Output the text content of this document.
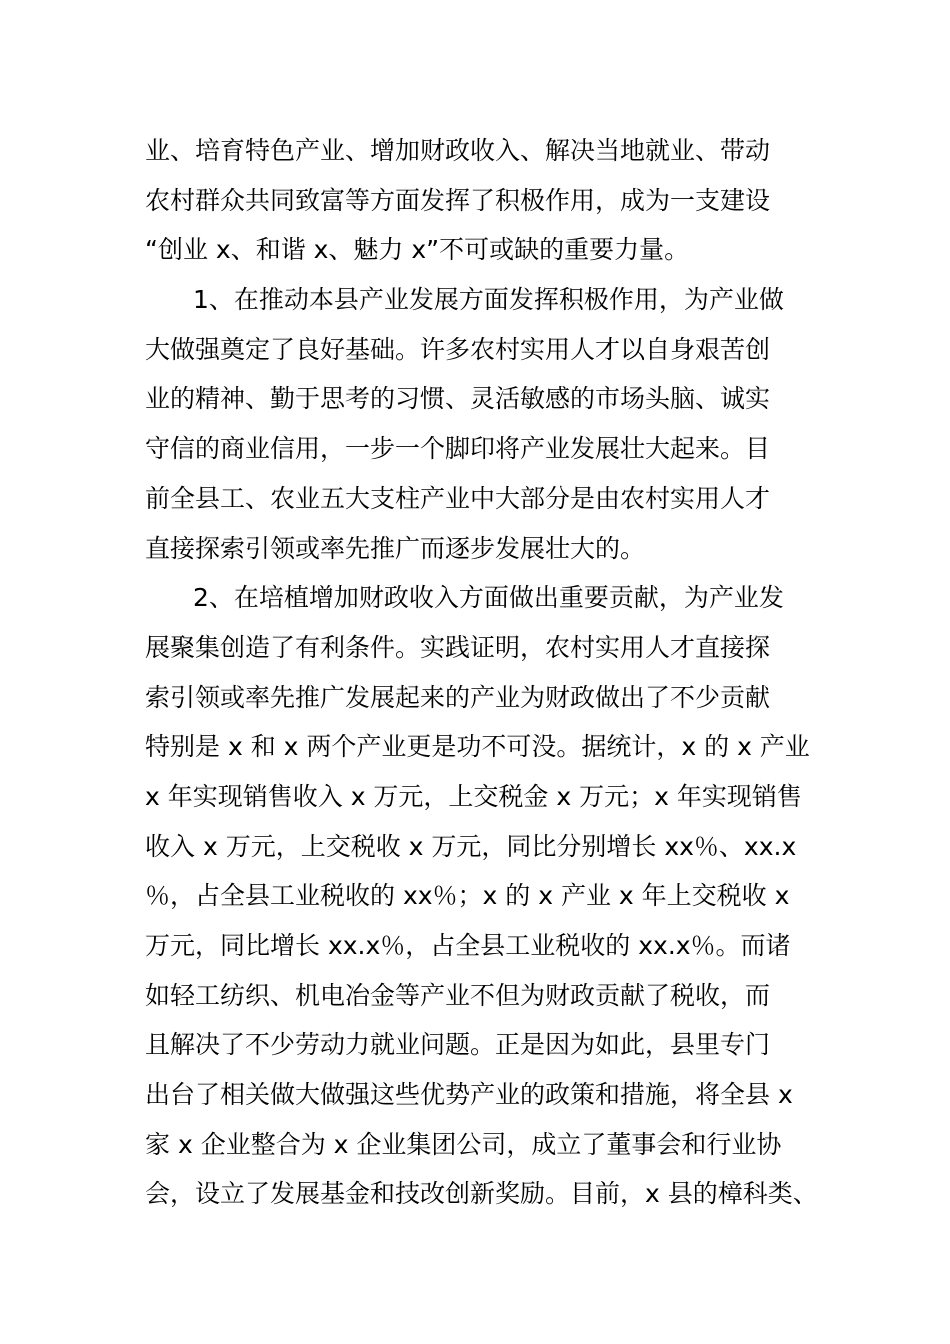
业、培育特色产业、增加财政收入、解决当地就业、带动
农村群众共同致富等方面发挥了积极作用，成为一支建设
“创业 x、和谐 x、魅力 x”不可或缺的重要力量。
1、在推动本县产业发展方面发挥积极作用，为产业做
大做强奠定了良好基础。许多农村实用人才以自身艰苦创
业的精神、勤于思考的习惯、灵活敏感的市场头脑、诚实
守信的商业信用，一步一个脚印将产业发展壮大起来。目
前全县工、农业五大支柱产业中大部分是由农村实用人才
直接探索引领或率先推广而逐步发展壮大的。
2、在培植增加财政收入方面做出重要贡献，为产业发
展聚集创造了有利条件。实践证明，农村实用人才直接探
索引领或率先推广发展起来的产业为财政做出了不少贡献
特别是 x 和 x 两个产业更是功不可没。据统计，x 的 x 产业
x 年实现销售收入 x 万元，上交税金 x 万元；x 年实现销售
收入 x 万元，上交税收 x 万元，同比分别增长 xx％、xx.x
％，占全县工业税收的 xx％；x 的 x 产业 x 年上交税收 x
万元，同比增长 xx.x％，占全县工业税收的 xx.x％。而诸
如轻工纺织、机电冶金等产业不但为财政贡献了税收，而
且解决了不少劳动力就业问题。正是因为如此，县里专门
出台了相关做大做强这些优势产业的政策和措施，将全县 x
家 x 企业整合为 x 企业集团公司，成立了董事会和行业协
会，设立了发展基金和技改创新奖励。目前，x 县的樟科类、
